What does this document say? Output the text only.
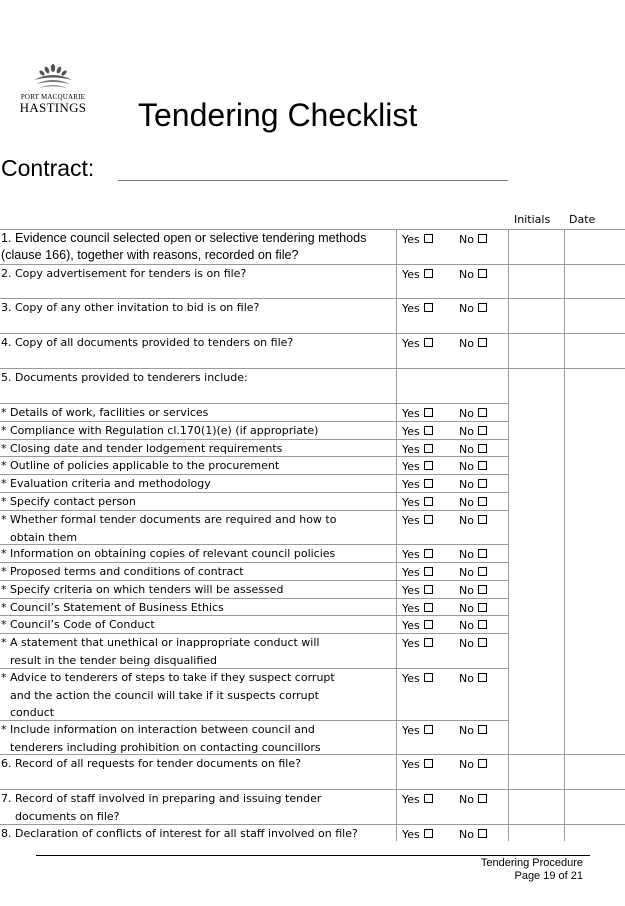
PORT MACQUARIE
HASTINGS Tendering Checklist
Contract:
Initials Date
1. Evidence council selected open or selective tendering methods
(clause 166), together with reasons, recorded on file?
Yes	No
2. Copy advertisement for tenders is on file?	Yes	No
3. Copy of any other invitation to bid is on file?	Yes	No
4. Copy of all documents provided to tenders on file?	Yes	No
5. Documents provided to tenderers include:
* Details of work, facilities or services	Yes	No
* Compliance with Regulation cl.170(1)(e) (if appropriate)	Yes	No
* Closing date and tender lodgement requirements	Yes	No
* Outline of policies applicable to the procurement	Yes	No
* Evaluation criteria and methodology	Yes	No
* Specify contact person	Yes	No
* Whether formal tender documents are required and how to
obtain them
Yes	No
* Information on obtaining copies of relevant council policies	Yes	No
* Proposed terms and conditions of contract	Yes	No
* Specify criteria on which tenders will be assessed	Yes	No
* Council’s Statement of Business Ethics	Yes	No
* Council’s Code of Conduct	Yes	No
* A statement that unethical or inappropriate conduct will
result in the tender being disqualified
Yes	No
* Advice to tenderers of steps to take if they suspect corrupt
and the action the council will take if it suspects corrupt
conduct
Yes	No
* Include information on interaction between council and
tenderers including prohibition on contacting councillors
Yes	No
6. Record of all requests for tender documents on file?	Yes	No
7. Record of staff involved in preparing and issuing tender
documents on file?
Yes	No
8. Declaration of conflicts of interest for all staff involved on file?	Yes	No
Tendering Procedure
Page 19 of 21
